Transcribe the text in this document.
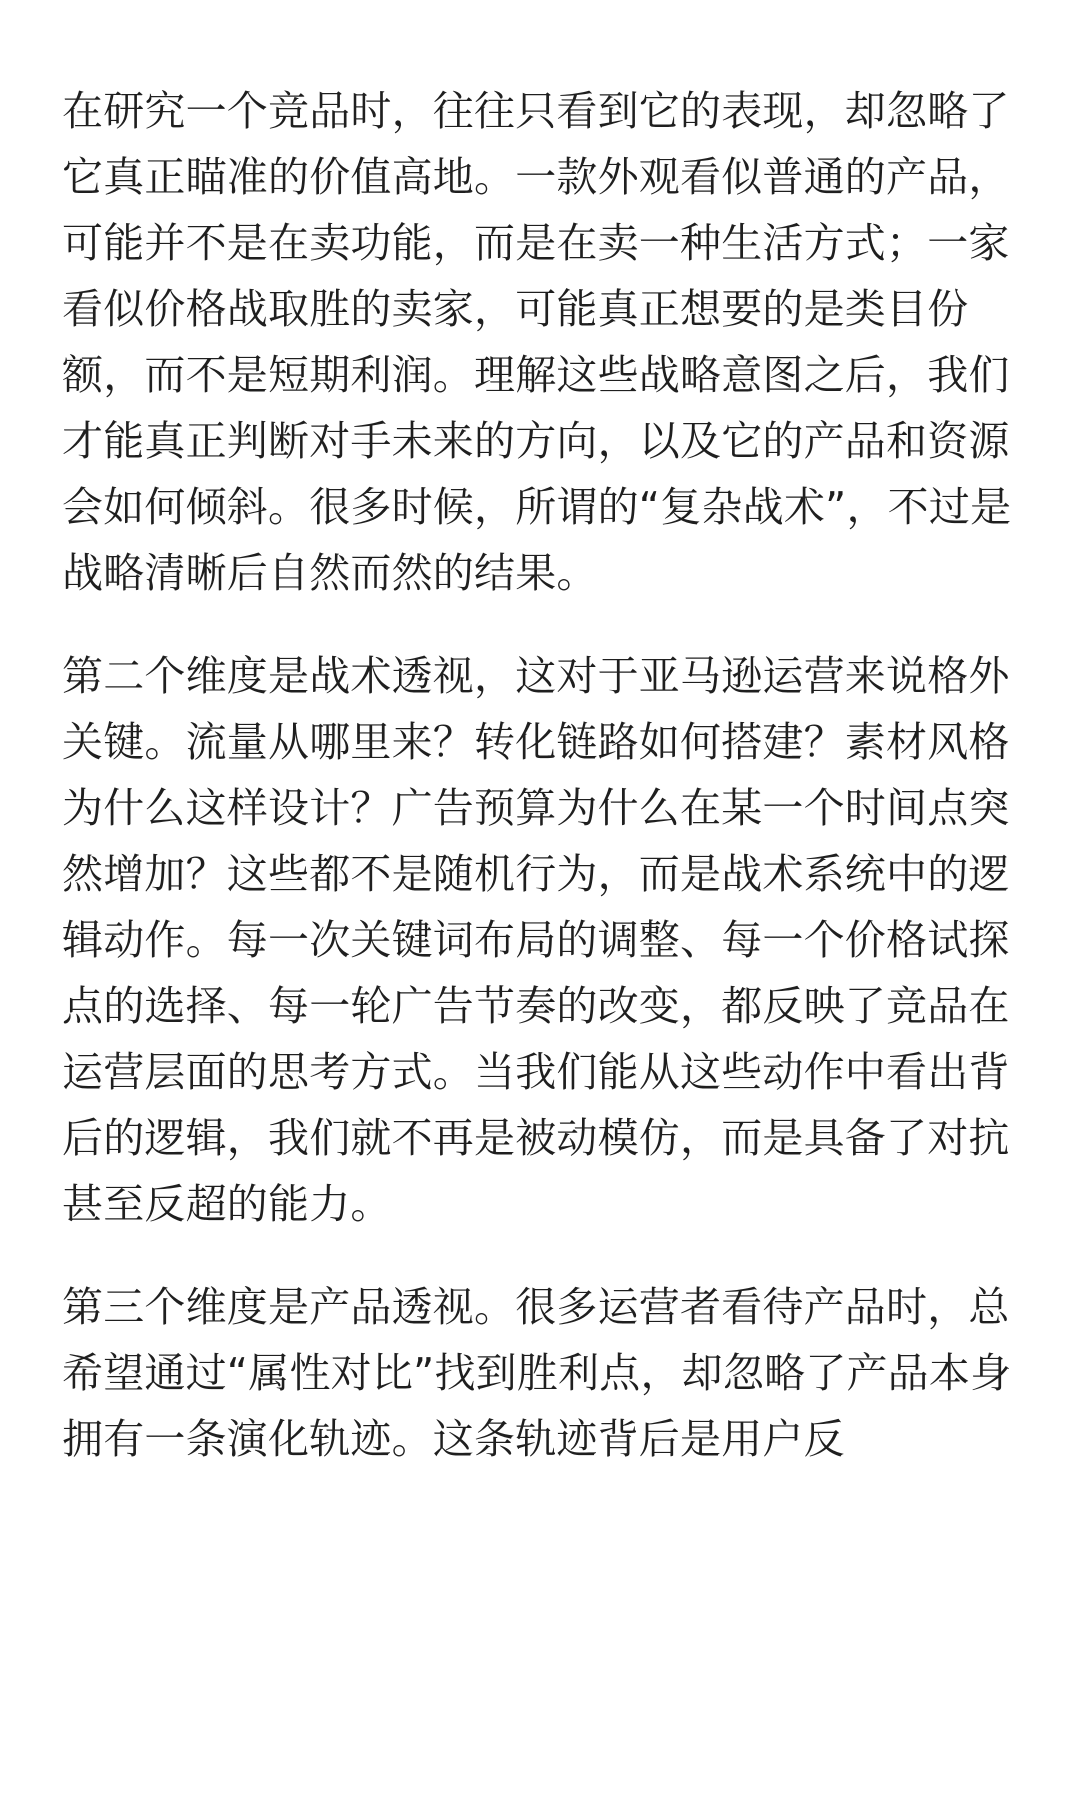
在研究一个竞品时，往往只看到它的表现，却忽略了它真正瞄准的价值高地。一款外观看似普通的产品，可能并不是在卖功能，而是在卖一种生活方式；一家看似价格战取胜的卖家，可能真正想要的是类目份额，而不是短期利润。理解这些战略意图之后，我们才能真正判断对手未来的方向，以及它的产品和资源会如何倾斜。很多时候，所谓的“复杂战术”，不过是战略清晰后自然而然的结果。

第二个维度是战术透视，这对于亚马逊运营来说格外关键。流量从哪里来？转化链路如何搭建？素材风格为什么这样设计？广告预算为什么在某一个时间点突然增加？这些都不是随机行为，而是战术系统中的逻辑动作。每一次关键词布局的调整、每一个价格试探点的选择、每一轮广告节奏的改变，都反映了竞品在运营层面的思考方式。当我们能从这些动作中看出背后的逻辑，我们就不再是被动模仿，而是具备了对抗甚至反超的能力。

第三个维度是产品透视。很多运营者看待产品时，总希望通过“属性对比”找到胜利点，却忽略了产品本身拥有一条演化轨迹。这条轨迹背后是用户反
